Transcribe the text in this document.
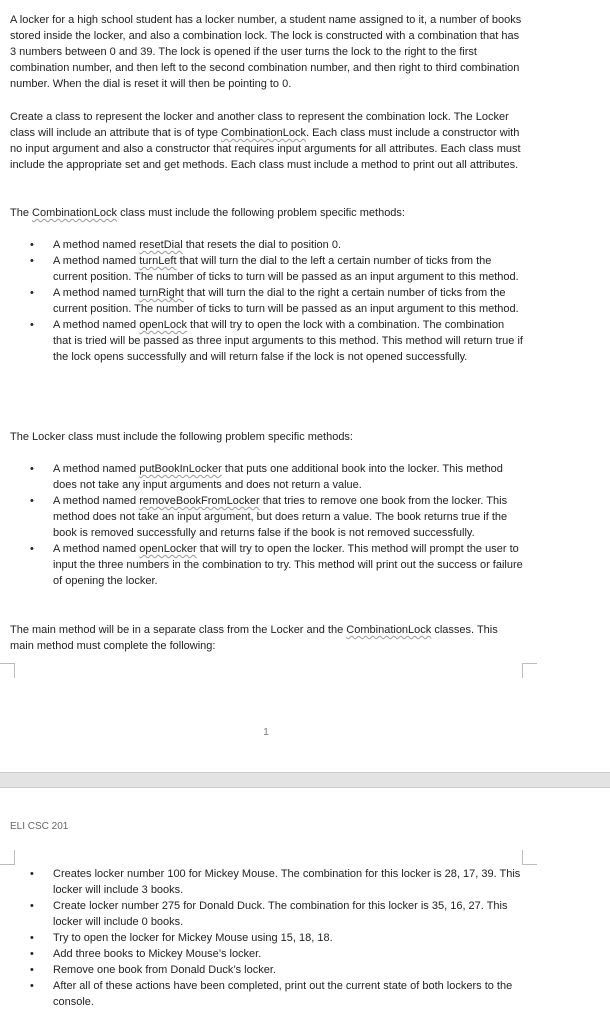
A locker for a high school student has a locker number, a student name assigned to it, a number of books stored inside the locker, and also a combination lock. The lock is constructed with a combination that has 3 numbers between 0 and 39. The lock is opened if the user turns the lock to the right to the first combination number, and then left to the second combination number, and then right to third combination number. When the dial is reset it will then be pointing to 0.

Create a class to represent the locker and another class to represent the combination lock. The Locker class will include an attribute that is of type CombinationLock. Each class must include a constructor with no input argument and also a constructor that requires input arguments for all attributes. Each class must include the appropriate set and get methods. Each class must include a method to print out all attributes.

The CombinationLock class must include the following problem specific methods:

• A method named resetDial that resets the dial to position 0.
• A method named turnLeft that will turn the dial to the left a certain number of ticks from the current position. The number of ticks to turn will be passed as an input argument to this method.
• A method named turnRight that will turn the dial to the right a certain number of ticks from the current position. The number of ticks to turn will be passed as an input argument to this method.
• A method named openLock that will try to open the lock with a combination. The combination that is tried will be passed as three input arguments to this method. This method will return true if the lock opens successfully and will return false if the lock is not opened successfully.

The Locker class must include the following problem specific methods:

• A method named putBookInLocker that puts one additional book into the locker. This method does not take any input arguments and does not return a value.
• A method named removeBookFromLocker that tries to remove one book from the locker. This method does not take an input argument, but does return a value. The book returns true if the book is removed successfully and returns false if the book is not removed successfully.
• A method named openLocker that will try to open the locker. This method will prompt the user to input the three numbers in the combination to try. This method will print out the success or failure of opening the locker.

The main method will be in a separate class from the Locker and the CombinationLock classes. This main method must complete the following:

1
ELI CSC 201
• Creates locker number 100 for Mickey Mouse. The combination for this locker is 28, 17, 39. This locker will include 3 books.
• Create locker number 275 for Donald Duck. The combination for this locker is 35, 16, 27. This locker will include 0 books.
• Try to open the locker for Mickey Mouse using 15, 18, 18.
• Add three books to Mickey Mouse’s locker.
• Remove one book from Donald Duck’s locker.
• After all of these actions have been completed, print out the current state of both lockers to the console.
